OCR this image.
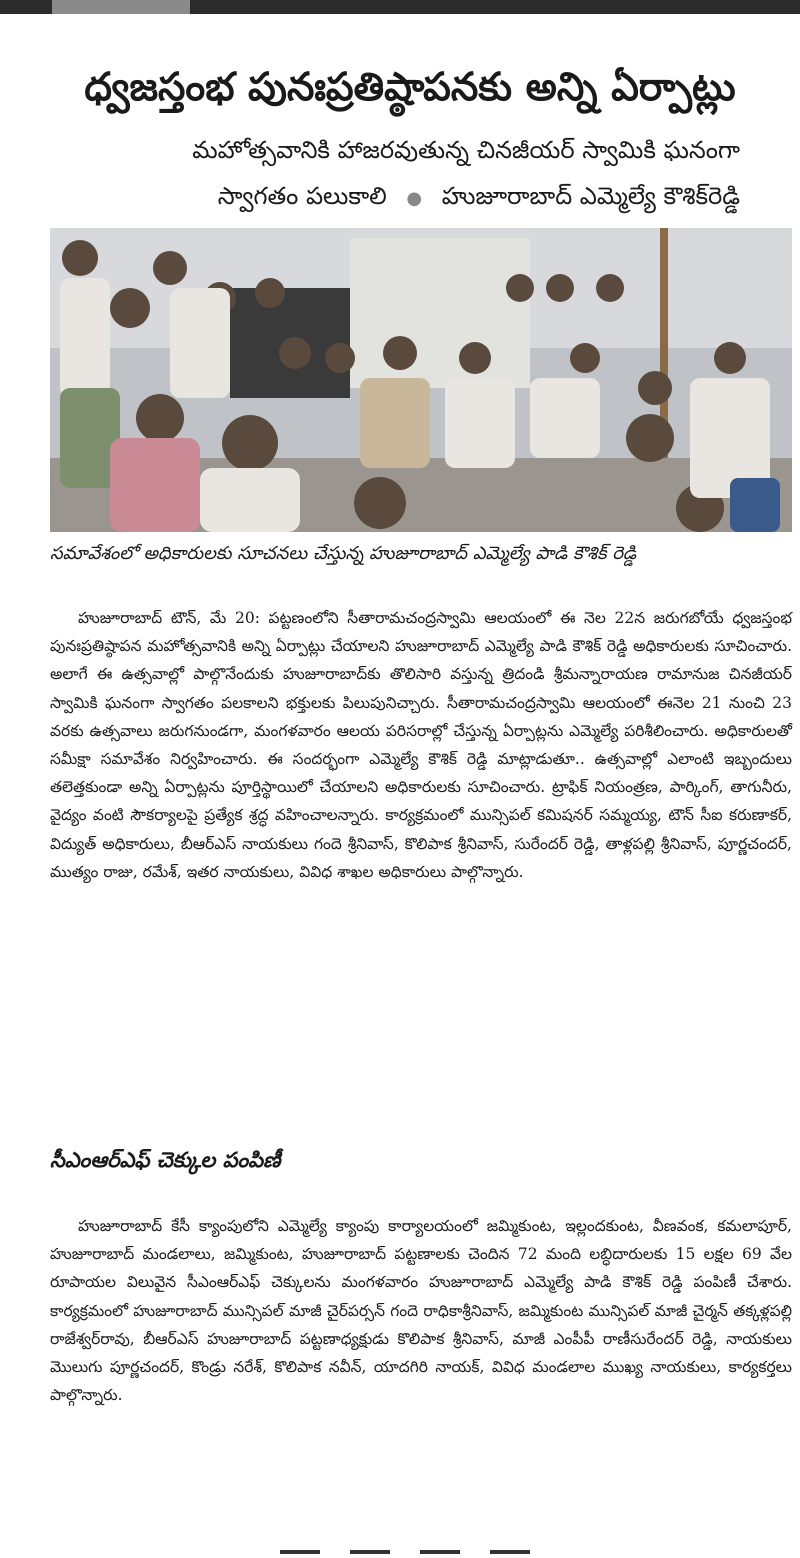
ధ్వజస్తంభ పునఃప్రతిష్ఠాపనకు అన్ని ఏర్పాట్లు
మహోత్సవానికి హాజరవుతున్న చినజీయర్ స్వామికి ఘనంగా
స్వాగతం పలుకాలి ● హుజూరాబాద్ ఎమ్మెల్యే కౌశిక్‌రెడ్డి
సమావేశంలో అధికారులకు సూచనలు చేస్తున్న హుజూరాబాద్ ఎమ్మెల్యే పాడి కౌశిక్ రెడ్డి
హుజూరాబాద్ టౌన్, మే 20: పట్టణంలోని సీతారామచంద్రస్వామి ఆలయంలో ఈ నెల 22న జరుగబోయే ధ్వజస్తంభ పునఃప్రతిష్ఠాపన మహోత్సవానికి అన్ని ఏర్పాట్లు చేయాలని హుజూరాబాద్ ఎమ్మెల్యే పాడి కౌశిక్ రెడ్డి అధికారులకు సూచించారు. అలాగే ఈ ఉత్సవాల్లో పాల్గొనేందుకు హుజూరాబాద్‌కు తొలిసారి వస్తున్న త్రిదండి శ్రీమన్నారాయణ రామానుజ చినజీయర్ స్వామికి ఘనంగా స్వాగతం పలకాలని భక్తులకు పిలుపునిచ్చారు. సీతారామచంద్రస్వామి ఆలయంలో ఈనెల 21 నుంచి 23 వరకు ఉత్సవాలు జరుగనుండగా, మంగళవారం ఆలయ పరిసరాల్లో చేస్తున్న ఏర్పాట్లను ఎమ్మెల్యే పరిశీలించారు. అధికారులతో సమీక్షా సమావేశం నిర్వహించారు. ఈ సందర్భంగా ఎమ్మెల్యే కౌశిక్ రెడ్డి మాట్లాడుతూ.. ఉత్సవాల్లో ఎలాంటి ఇబ్బందులు తలెత్తకుండా అన్ని ఏర్పాట్లను పూర్తిస్థాయిలో చేయాలని అధికారులకు సూచించారు. ట్రాఫిక్ నియంత్రణ, పార్కింగ్, తాగునీరు, వైద్యం వంటి సౌకర్యాలపై ప్రత్యేక శ్రద్ధ వహించాలన్నారు. కార్యక్రమంలో మున్సిపల్ కమిషనర్ సమ్మయ్య, టౌన్ సీఐ కరుణాకర్, విద్యుత్ అధికారులు, బీఆర్‌ఎస్ నాయకులు గందె శ్రీనివాస్, కొలిపాక శ్రీనివాస్, సురేందర్ రెడ్డి, తాళ్లపల్లి శ్రీనివాస్, పూర్ణచందర్, ముత్యం రాజు, రమేశ్, ఇతర నాయకులు, వివిధ శాఖల అధికారులు పాల్గొన్నారు.
సీఎంఆర్‌ఎఫ్ చెక్కుల పంపిణీ
హుజూరాబాద్ కేసీ క్యాంపులోని ఎమ్మెల్యే క్యాంపు కార్యాలయంలో జమ్మికుంట, ఇల్లందకుంట, వీణవంక, కమలాపూర్, హుజూరాబాద్ మండలాలు, జమ్మికుంట, హుజూరాబాద్ పట్టణాలకు చెందిన 72 మంది లబ్ధిదారులకు 15 లక్షల 69 వేల రూపాయల విలువైన సీఎంఆర్‌ఎఫ్ చెక్కులను మంగళవారం హుజూరాబాద్ ఎమ్మెల్యే పాడి కౌశిక్ రెడ్డి పంపిణీ చేశారు. కార్యక్రమంలో హుజూరాబాద్ మున్సిపల్ మాజీ చైర్‌పర్సన్ గందె రాధికాశ్రీనివాస్, జమ్మికుంట మున్సిపల్ మాజీ చైర్మన్ తక్కళ్లపల్లి రాజేశ్వర్‌రావు, బీఆర్‌ఎస్ హుజూరాబాద్ పట్టణాధ్యక్షుడు కొలిపాక శ్రీనివాస్, మాజీ ఎంపీపీ రాణీసురేందర్ రెడ్డి, నాయకులు మొలుగు పూర్ణచందర్, కొండ్రు నరేశ్, కొలిపాక నవీన్, యాదగిరి నాయక్, వివిధ మండలాల ముఖ్య నాయకులు, కార్యకర్తలు పాల్గొన్నారు.
